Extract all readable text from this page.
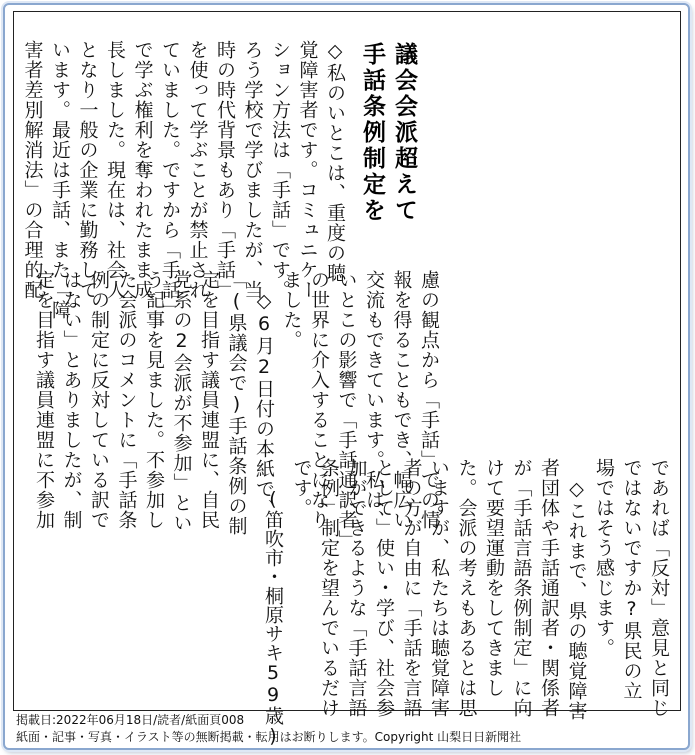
議会会派超えて
手話条例制定を
◇私のいとこは、重度の聴
覚障害者です。コミュニケー
ション方法は「手話」です。
ろう学校で学びましたが、当
時の時代背景もあり「手話」
を使って学ぶことが禁止され
ていました。ですから「手話」
で学ぶ権利を奪われたまま成
長しました。現在は、社会人
となり一般の企業に勤務して
います。最近は手話、また「障
害者差別解消法」の合理的配
慮の観点から「手話」での情
報を得ることもでき、幅広い
交流もできています。私は、
いとこの影響で「手話通訳者」
の世界に介入することになり
ました。
　◇6月2日付の本紙で、
「(県議会で)手話条例の制
定を目指す議員連盟に、自民
党系の2会派が不参加」とい
う記事を見ました。不参加し
た会派のコメントに「手話条
例の制定に反対している訳で
はない」とありましたが、制
定を目指す議員連盟に不参加
であれば「反対」意見と同じ
ではないですか?県民の立
場ではそう感じます。
　◇これまで、県の聴覚障害
者団体や手話通訳者・関係者
が「手話言語条例制定」に向
けて要望運動をしてきまし
た。会派の考えもあるとは思
いますが、私たちは聴覚障害
者の方が自由に「手話を言語
として」使い・学び、社会参
加ができるような「手話言語
条例」制定を望んでいるだけ
です。
(笛吹市・桐原サキ59歳)
掲載日:2022年06月18日/読者/紙面頁008
紙面・記事・写真・イラスト等の無断掲載・転用はお断りします。Copyright 山梨日日新聞社
